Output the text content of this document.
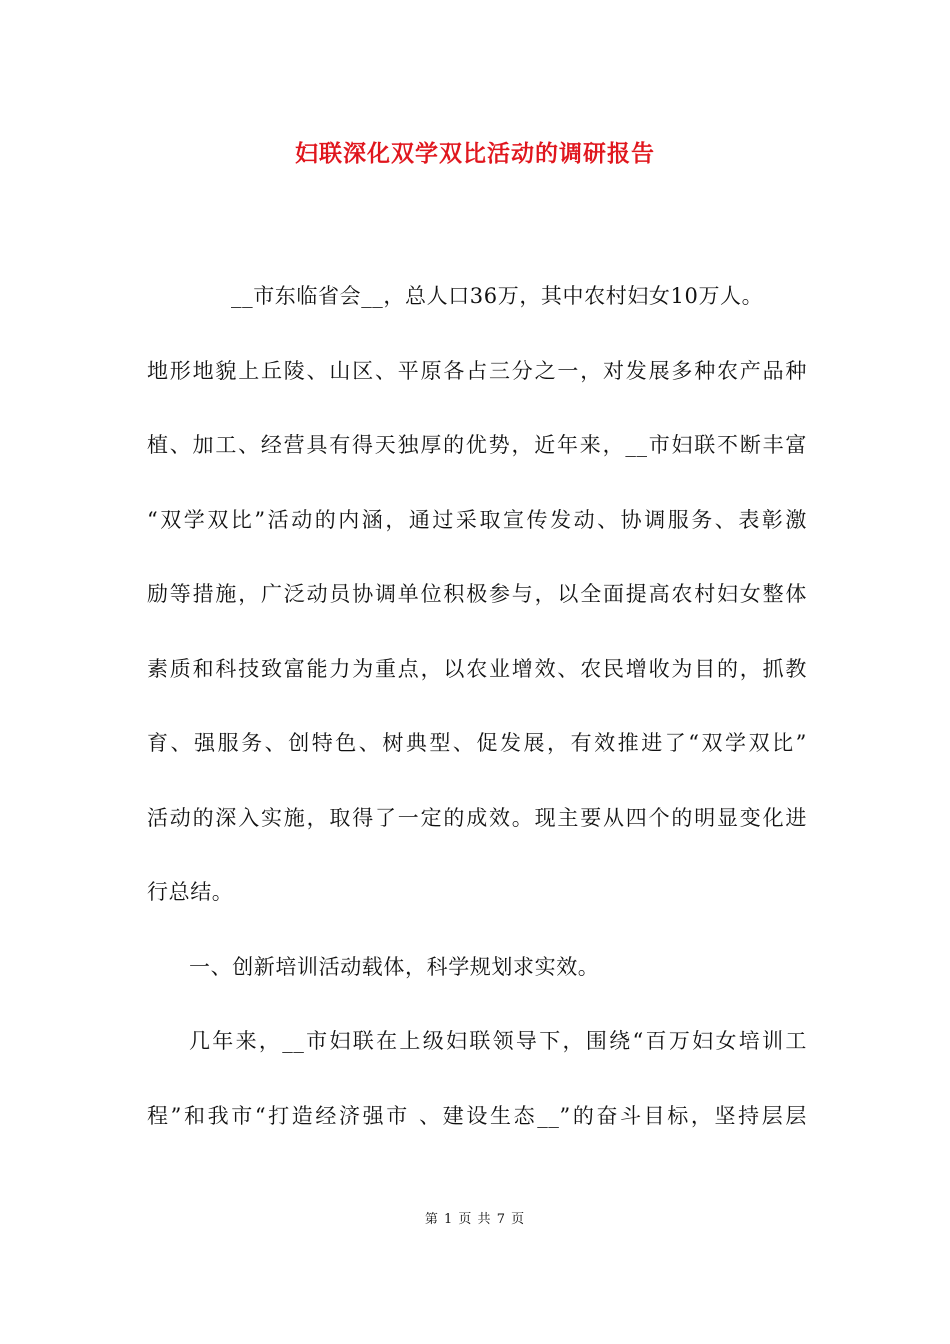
妇联深化双学双比活动的调研报告
__市东临省会__，总人口36万，其中农村妇女10万人。
地形地貌上丘陵、山区、平原各占三分之一，对发展多种农产品种
植、加工、经营具有得天独厚的优势，近年来，__市妇联不断丰富
“双学双比”活动的内涵，通过采取宣传发动、协调服务、表彰激
励等措施，广泛动员协调单位积极参与，以全面提高农村妇女整体
素质和科技致富能力为重点，以农业增效、农民增收为目的，抓教
育、强服务、创特色、树典型、促发展，有效推进了“双学双比”
活动的深入实施，取得了一定的成效。现主要从四个的明显变化进
行总结。
一、创新培训活动载体，科学规划求实效。
几年来，__市妇联在上级妇联领导下，围绕“百万妇女培训工
程”和我市“打造经济强市 、建设生态__”的奋斗目标，坚持层层
第 1 页 共 7 页
